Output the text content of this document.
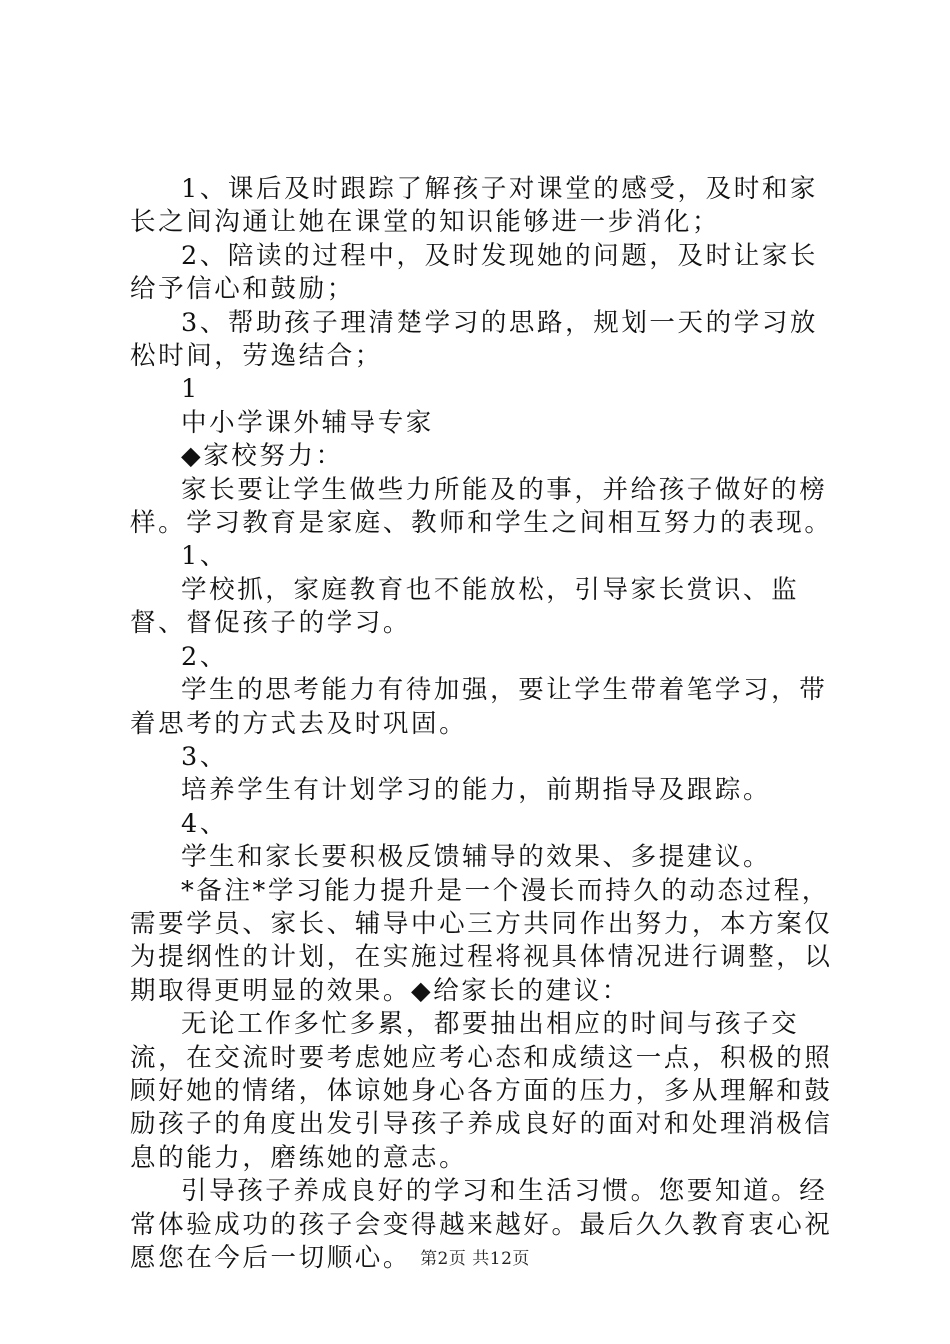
1、课后及时跟踪了解孩子对课堂的感受，及时和家长之间沟通让她在课堂的知识能够进一步消化；

2、陪读的过程中，及时发现她的问题，及时让家长给予信心和鼓励；

3、帮助孩子理清楚学习的思路，规划一天的学习放松时间，劳逸结合；

1

中小学课外辅导专家

◆家校努力：

家长要让学生做些力所能及的事，并给孩子做好的榜样。学习教育是家庭、教师和学生之间相互努力的表现。

1、

学校抓，家庭教育也不能放松，引导家长赏识、监督、督促孩子的学习。

2、

学生的思考能力有待加强，要让学生带着笔学习，带着思考的方式去及时巩固。

3、

培养学生有计划学习的能力，前期指导及跟踪。

4、

学生和家长要积极反馈辅导的效果、多提建议。

*备注*学习能力提升是一个漫长而持久的动态过程，需要学员、家长、辅导中心三方共同作出努力，本方案仅为提纲性的计划，在实施过程将视具体情况进行调整，以期取得更明显的效果。◆给家长的建议：

无论工作多忙多累，都要抽出相应的时间与孩子交流，在交流时要考虑她应考心态和成绩这一点，积极的照顾好她的情绪，体谅她身心各方面的压力，多从理解和鼓励孩子的角度出发引导孩子养成良好的面对和处理消极信息的能力，磨练她的意志。

引导孩子养成良好的学习和生活习惯。您要知道。经常体验成功的孩子会变得越来越好。最后久久教育衷心祝愿您在今后一切顺心。 第2页 共12页
